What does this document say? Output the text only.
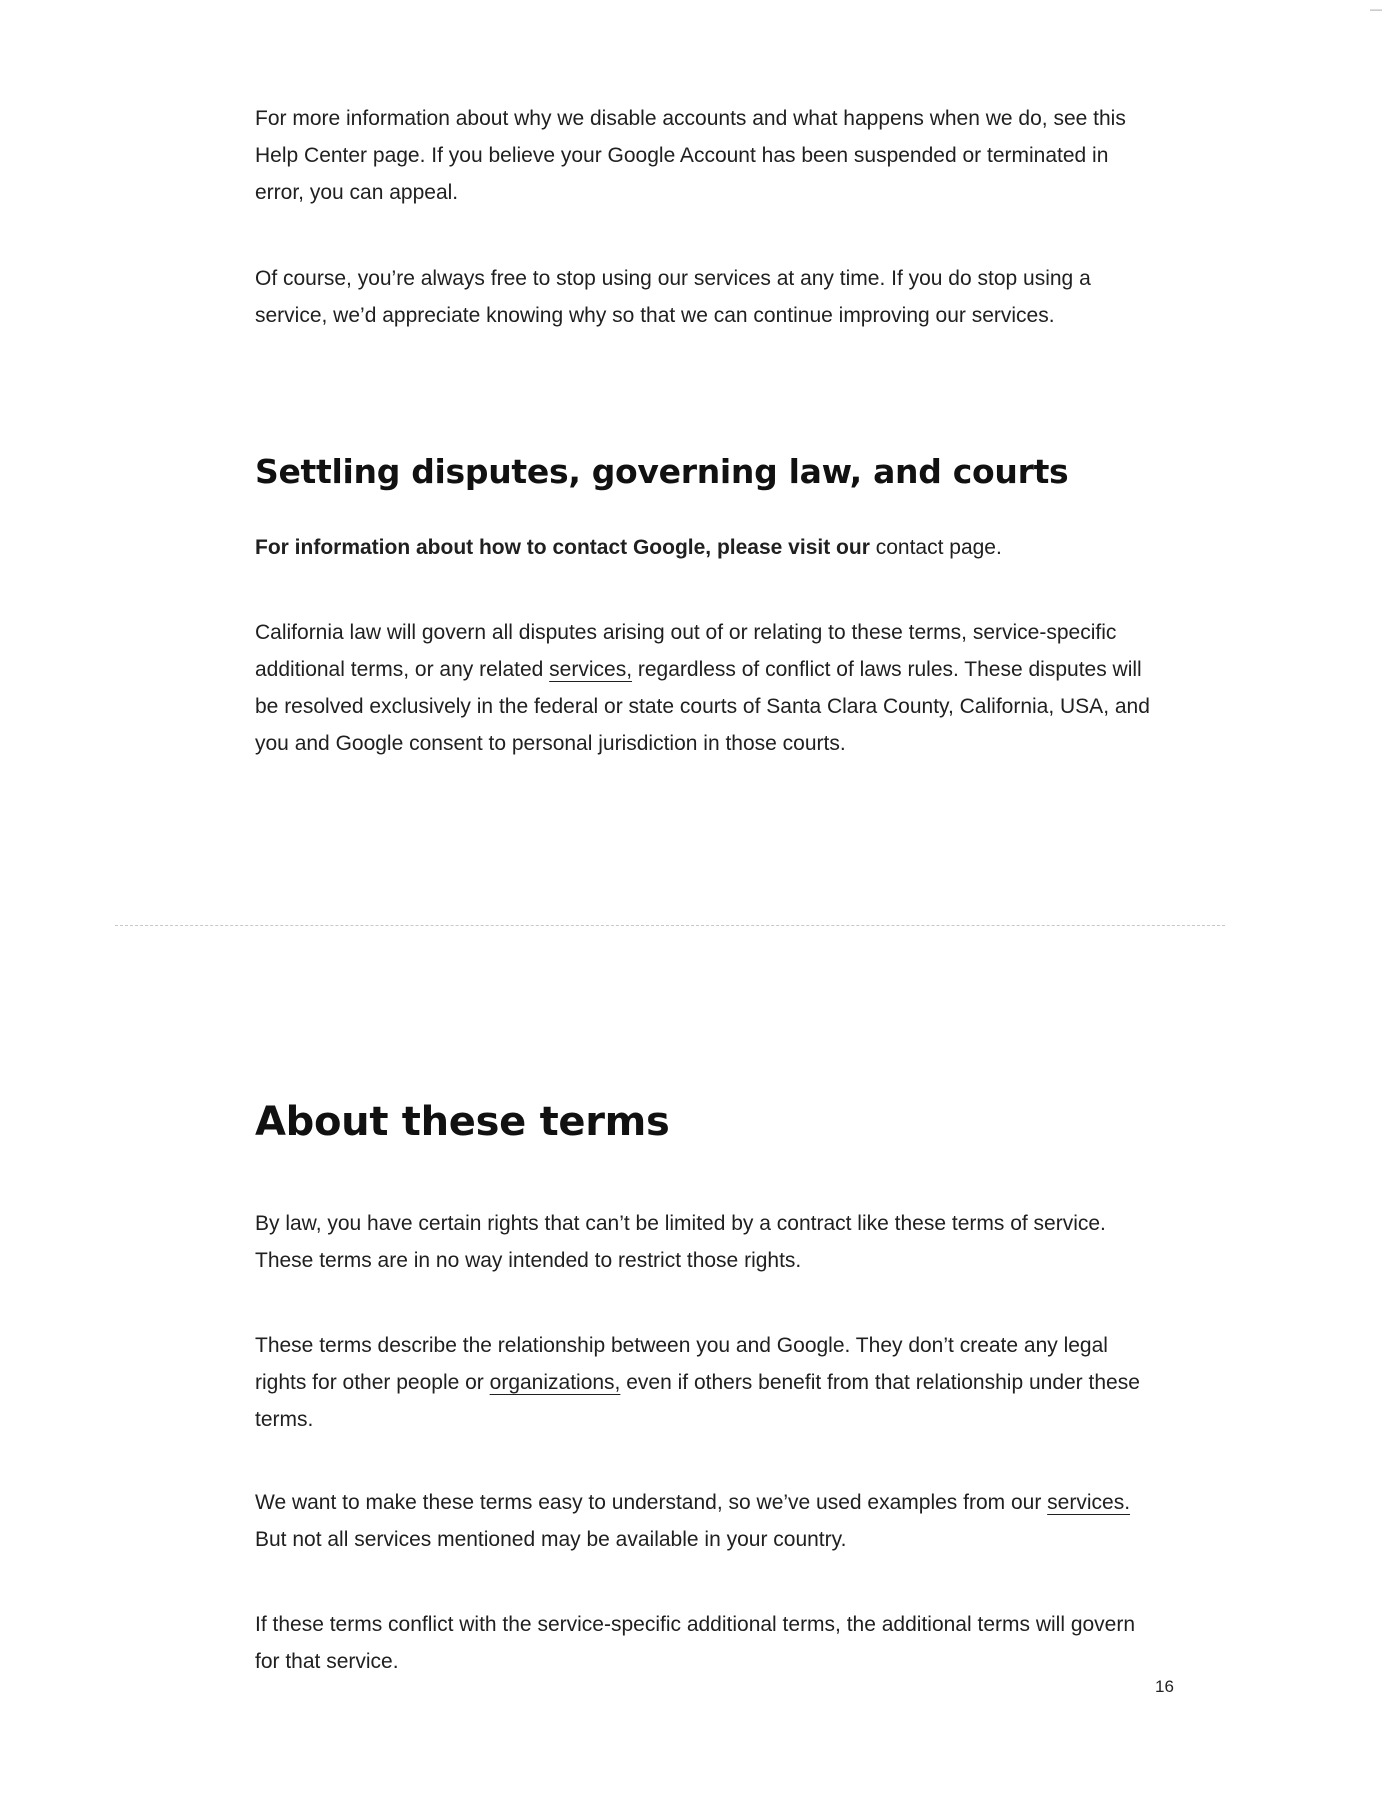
—

For more information about why we disable accounts and what happens when we do, see this Help Center page. If you believe your Google Account has been suspended or terminated in error, you can appeal.

Of course, you’re always free to stop using our services at any time. If you do stop using a service, we’d appreciate knowing why so that we can continue improving our services.

Settling disputes, governing law, and courts

For information about how to contact Google, please visit our contact page.

California law will govern all disputes arising out of or relating to these terms, service-specific additional terms, or any related services, regardless of conflict of laws rules. These disputes will be resolved exclusively in the federal or state courts of Santa Clara County, California, USA, and you and Google consent to personal jurisdiction in those courts.

About these terms

By law, you have certain rights that can’t be limited by a contract like these terms of service. These terms are in no way intended to restrict those rights.

These terms describe the relationship between you and Google. They don’t create any legal rights for other people or organizations, even if others benefit from that relationship under these terms.

We want to make these terms easy to understand, so we’ve used examples from our services. But not all services mentioned may be available in your country.

If these terms conflict with the service-specific additional terms, the additional terms will govern for that service.

16
